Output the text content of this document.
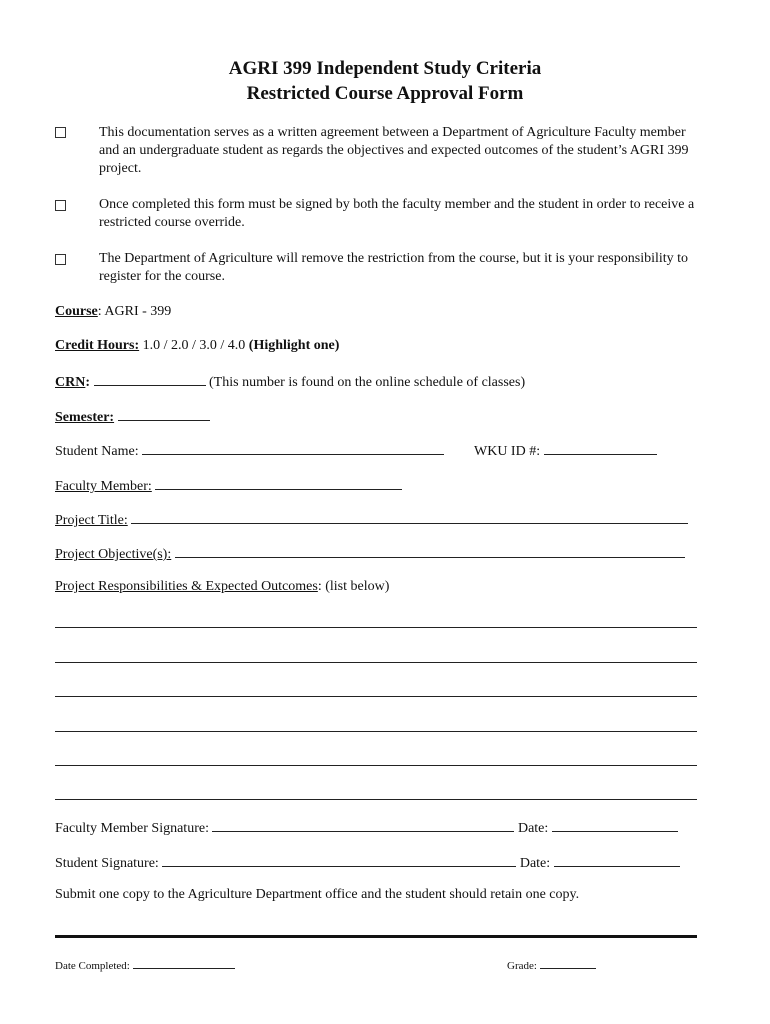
AGRI 399 Independent Study Criteria
Restricted Course Approval Form
This documentation serves as a written agreement between a Department of Agriculture Faculty member and an undergraduate student as regards the objectives and expected outcomes of the student’s AGRI 399 project.
Once completed this form must be signed by both the faculty member and the student in order to receive a restricted course override.
The Department of Agriculture will remove the restriction from the course, but it is your responsibility to register for the course.
Course: AGRI - 399
Credit Hours: 1.0 / 2.0 / 3.0 / 4.0 (Highlight one)
CRN:	(This number is found on the online schedule of classes)
Semester:
Student Name:	WKU ID #:
Faculty Member:
Project Title:
Project Objective(s):
Project Responsibilities & Expected Outcomes: (list below)
Faculty Member Signature:	Date:
Student Signature:	Date:
Submit one copy to the Agriculture Department office and the student should retain one copy.
Date Completed:	Grade:
